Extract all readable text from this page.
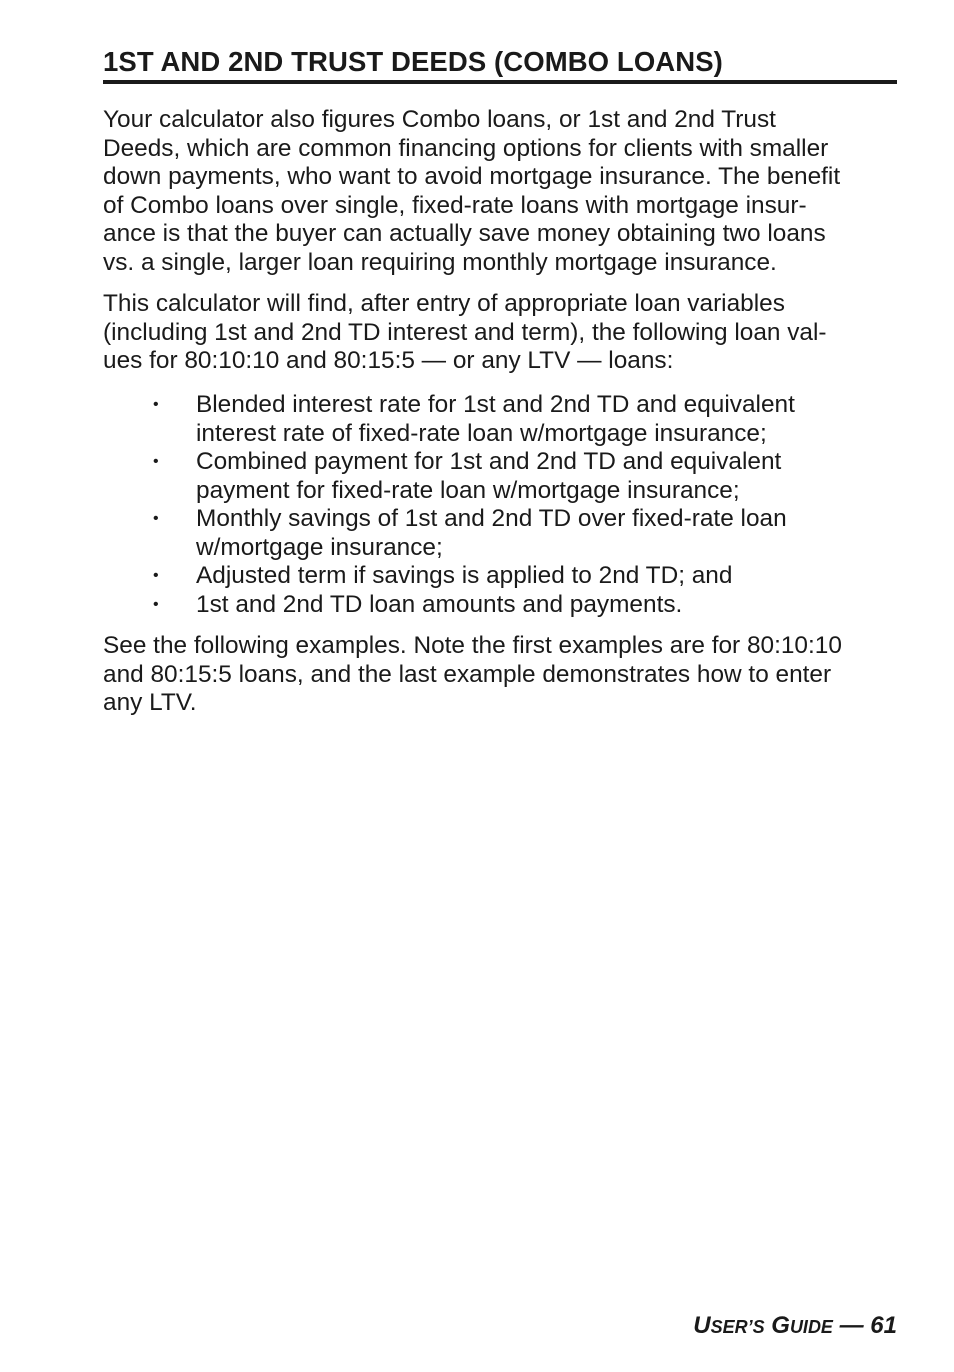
1ST AND 2ND TRUST DEEDS (COMBO LOANS)

Your calculator also figures Combo loans, or 1st and 2nd Trust
Deeds, which are common financing options for clients with smaller
down payments, who want to avoid mortgage insurance. The benefit
of Combo loans over single, fixed-rate loans with mortgage insur-
ance is that the buyer can actually save money obtaining two loans
vs. a single, larger loan requiring monthly mortgage insurance.

This calculator will find, after entry of appropriate loan variables
(including 1st and 2nd TD interest and term), the following loan val-
ues for 80:10:10 and 80:15:5 — or any LTV — loans:

• Blended interest rate for 1st and 2nd TD and equivalent
interest rate of fixed-rate loan w/mortgage insurance;
• Combined payment for 1st and 2nd TD and equivalent
payment for fixed-rate loan w/mortgage insurance;
• Monthly savings of 1st and 2nd TD over fixed-rate loan
w/mortgage insurance;
• Adjusted term if savings is applied to 2nd TD; and
• 1st and 2nd TD loan amounts and payments.

See the following examples. Note the first examples are for 80:10:10
and 80:15:5 loans, and the last example demonstrates how to enter
any LTV.

USER’S GUIDE — 61
